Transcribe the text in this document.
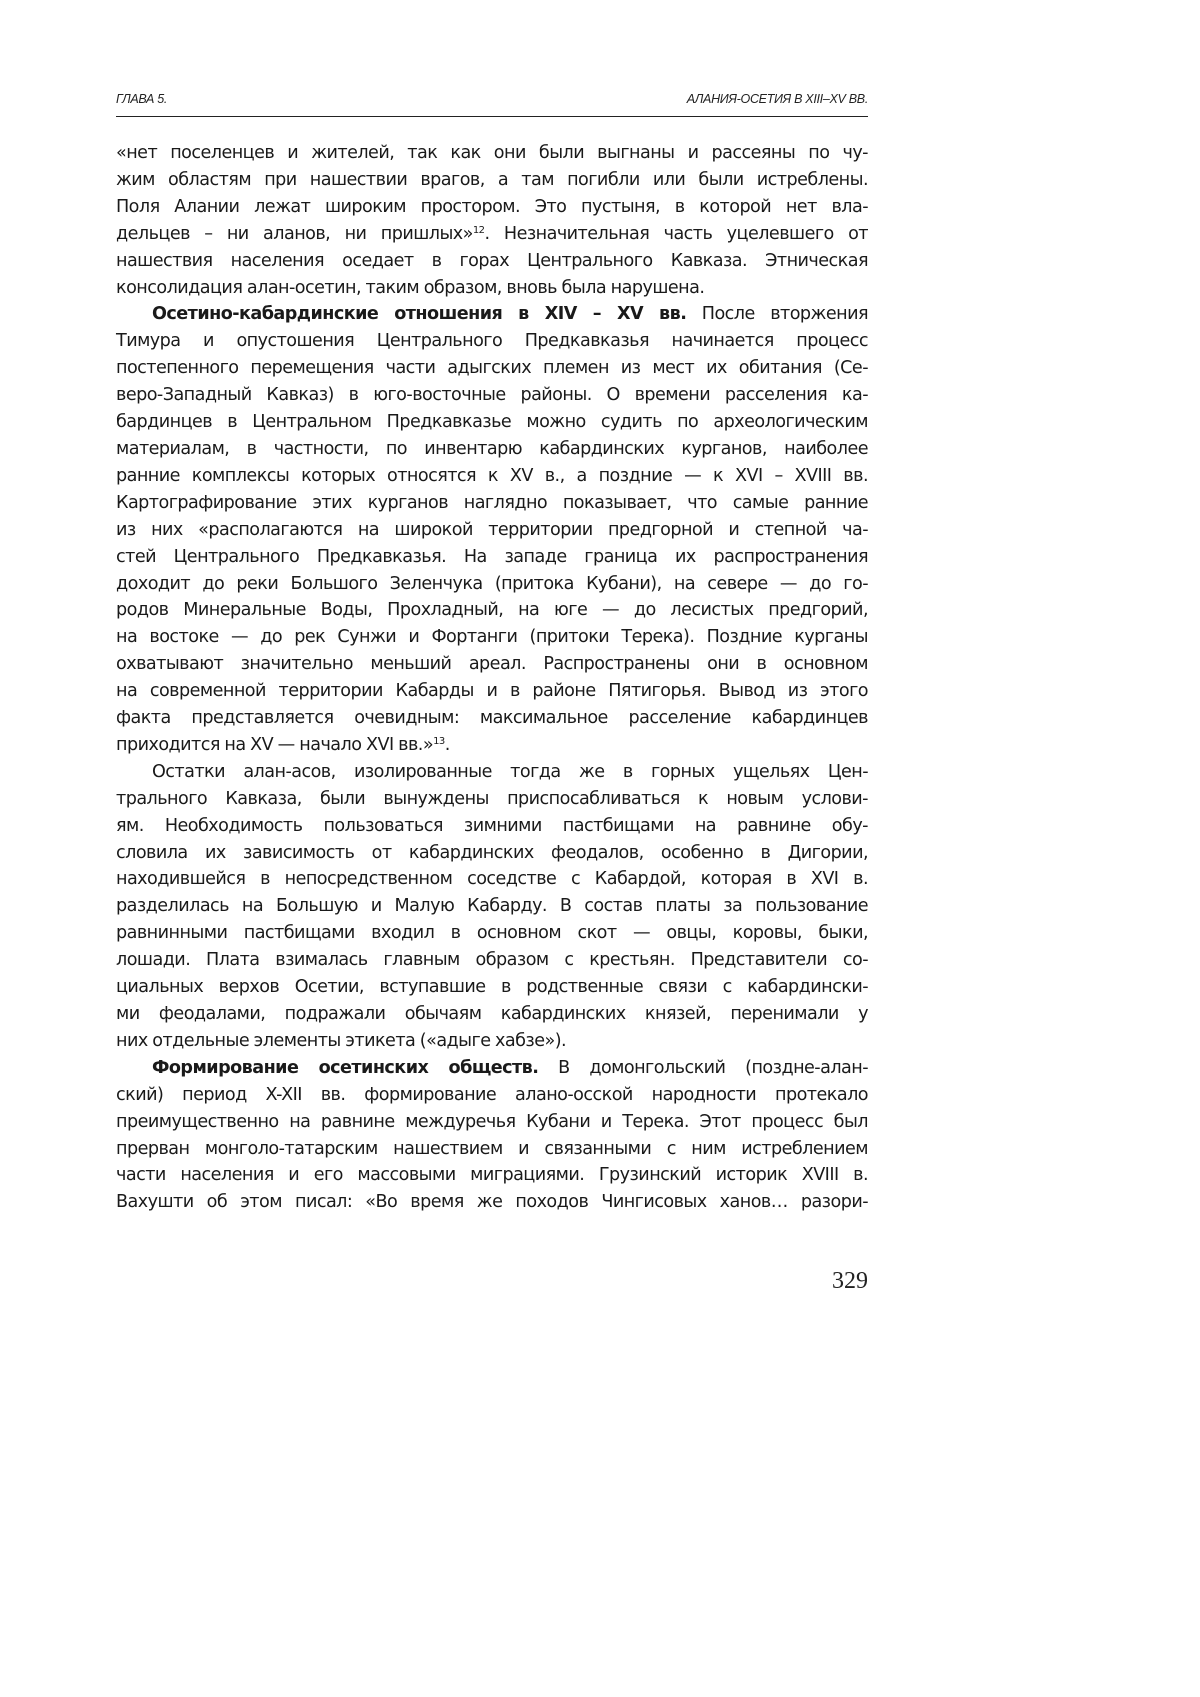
ГЛАВА 5.	АЛАНИЯ-ОСЕТИЯ В XIII–XV ВВ.

«нет поселенцев и жителей, так как они были выгнаны и рассеяны по чу-
жим областям при нашествии врагов, а там погибли или были истреблены.
Поля Алании лежат широким простором. Это пустыня, в которой нет вла-
дельцев – ни аланов, ни пришлых»12. Незначительная часть уцелевшего от
нашествия населения оседает в горах Центрального Кавказа. Этническая
консолидация алан-осетин, таким образом, вновь была нарушена.

Осетино-кабардинские отношения в XIV – XV вв. После вторжения
Тимура и опустошения Центрального Предкавказья начинается процесс
постепенного перемещения части адыгских племен из мест их обитания (Се-
веро-Западный Кавказ) в юго-восточные районы. О времени расселения ка-
бардинцев в Центральном Предкавказье можно судить по археологическим
материалам, в частности, по инвентарю кабардинских курганов, наиболее
ранние комплексы которых относятся к XV в., а поздние — к XVI – XVIII вв.
Картографирование этих курганов наглядно показывает, что самые ранние
из них «располагаются на широкой территории предгорной и степной ча-
стей Центрального Предкавказья. На западе граница их распространения
доходит до реки Большого Зеленчука (притока Кубани), на севере — до го-
родов Минеральные Воды, Прохладный, на юге — до лесистых предгорий,
на востоке — до рек Сунжи и Фортанги (притоки Терека). Поздние курганы
охватывают значительно меньший ареал. Распространены они в основном
на современной территории Кабарды и в районе Пятигорья. Вывод из этого
факта представляется очевидным: максимальное расселение кабардинцев
приходится на XV — начало XVI вв.»13.

Остатки алан-асов, изолированные тогда же в горных ущельях Цен-
трального Кавказа, были вынуждены приспосабливаться к новым услови-
ям. Необходимость пользоваться зимними пастбищами на равнине обу-
словила их зависимость от кабардинских феодалов, особенно в Дигории,
находившейся в непосредственном соседстве с Кабардой, которая в XVI в.
разделилась на Большую и Малую Кабарду. В состав платы за пользование
равнинными пастбищами входил в основном скот — овцы, коровы, быки,
лошади. Плата взималась главным образом с крестьян. Представители со-
циальных верхов Осетии, вступавшие в родственные связи с кабардински-
ми феодалами, подражали обычаям кабардинских князей, перенимали у
них отдельные элементы этикета («адыге хабзе»).

Формирование осетинских обществ. В домонгольский (поздне-алан-
ский) период X-XII вв. формирование алано-осской народности протекало
преимущественно на равнине междуречья Кубани и Терека. Этот процесс был
прерван монголо-татарским нашествием и связанными с ним истреблением
части населения и его массовыми миграциями. Грузинский историк XVIII в.
Вахушти об этом писал: «Во время же походов Чингисовых ханов… разори-

329
